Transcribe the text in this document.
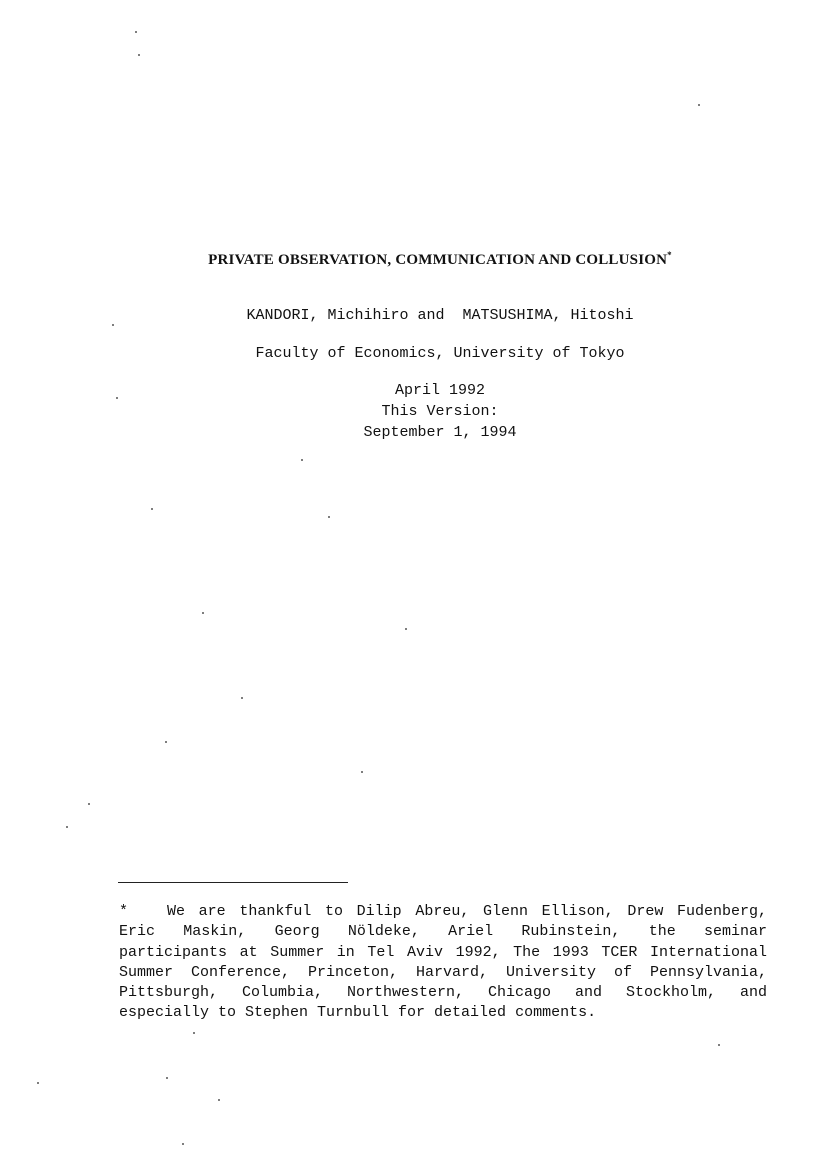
PRIVATE OBSERVATION, COMMUNICATION AND COLLUSION*
KANDORI, Michihiro and  MATSUSHIMA, Hitoshi
Faculty of Economics, University of Tokyo
April 1992
This Version:
September 1, 1994
*	We are thankful to Dilip Abreu, Glenn Ellison, Drew Fudenberg,
Eric Maskin, Georg Nöldeke, Ariel Rubinstein, the seminar
participants at Summer in Tel Aviv 1992, The 1993 TCER International
Summer Conference, Princeton, Harvard, University of Pennsylvania,
Pittsburgh, Columbia, Northwestern, Chicago and Stockholm, and
especially to Stephen Turnbull for detailed comments.
